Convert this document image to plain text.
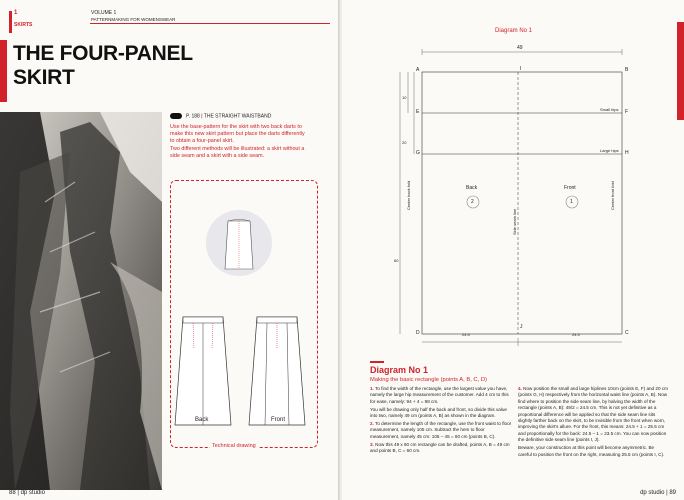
1
SKIRTS
VOLUME 1
PATTERNMAKING FOR WOMENSWEAR
THE FOUR-PANEL
SKIRT
P. 188 | THE STRAIGHT WAISTBAND
Use the base-pattern for the skirt with two back darts to
make this new skirt pattern but place the darts differently
to obtain a four-panel skirt.
Two different methods will be illustrated: a skirt without a
side seam and a skirt with a side seam.
Back	Front
Technical drawing
88 | dp studio
Diagram No 1
49
A	B
E	F
G	H
I
J
D	C
10
20
60
24.5	24.5
Small hips
Large hips
Back	Front
2	1
Center back fold	Center front fold
Side seam line
Diagram No 1
Making the basic rectangle (points A, B, C, D)

1. To find the width of the rectangle, use the largest value you have, namely the large hip measurement of the customer. Add 4 cm to this for ease, namely: 94 + 4 = 98 cm.

You will be drawing only half the back and front, so divide this value into two, namely 49 cm (points A, B) as shown in the diagram.

2. To determine the length of the rectangle, use the front waist to floor measurement, namely 105 cm. Subtract the hem to floor measurement, namely 45 cm: 105 – 45 = 60 cm (points B, C).

3. Now this 49 x 60 cm rectangle can be drafted, points A, B = 49 cm and points B, C = 60 cm.

4. Now position the small and large hiplines 10cm (points E, F) and 20 cm (points G, H) respectively from the horizontal waist line (points A, B). Now find where to position the side seam line, by halving the width of the rectangle (points A, B): 49/2 = 24.5 cm. This is not yet definitive as a proportional difference will be applied so that the side seam line sits slightly farther back on the skirt, to be invisible from the front when worn, improving the skirt's allure. For the front, this means: 24.5 + 1 = 25.5 cm and proportionally for the back: 24.5 – 1 = 23.5 cm. You can now position the definitive side seam line (points I, J).

Beware, your construction at this point will become asymmetric. Be careful to position the front on the right, measuring 25.5 cm (points I, C).

dp studio | 89
